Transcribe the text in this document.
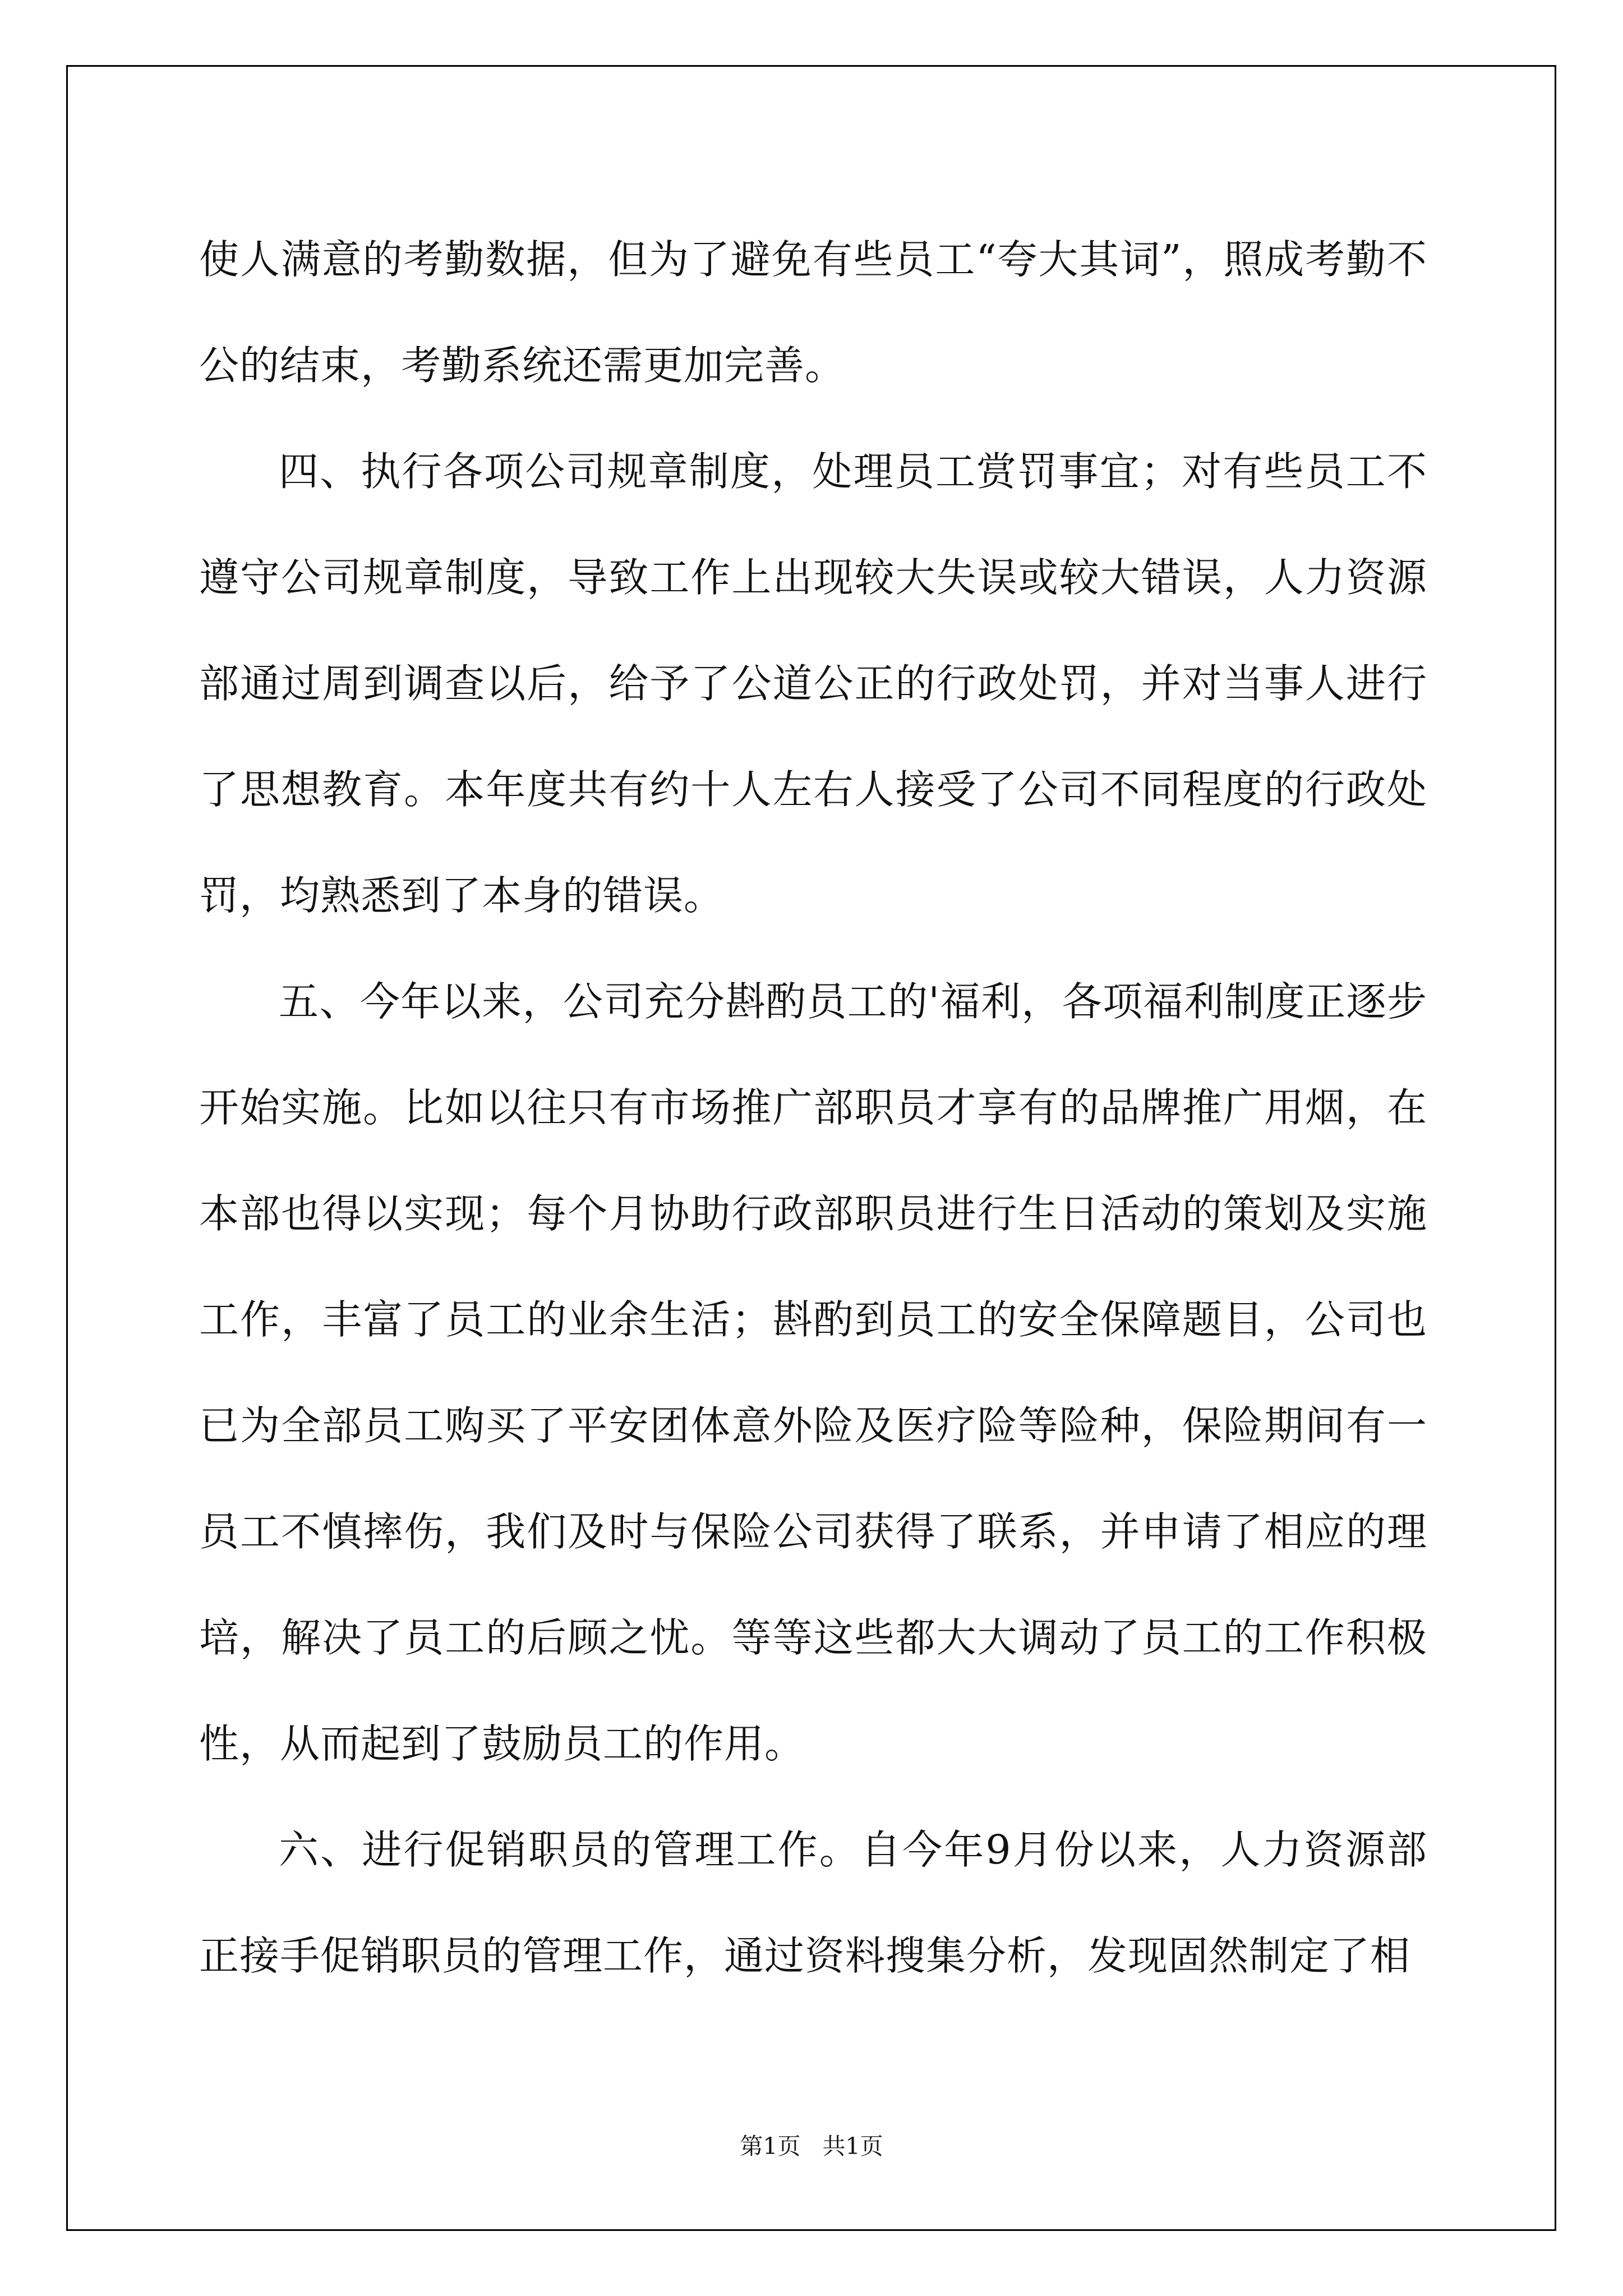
使人满意的考勤数据，但为了避免有些员工“夸大其词”，照成考勤不公的结束，考勤系统还需更加完善。

四、执行各项公司规章制度，处理员工赏罚事宜；对有些员工不遵守公司规章制度，导致工作上出现较大失误或较大错误，人力资源部通过周到调查以后，给予了公道公正的行政处罚，并对当事人进行了思想教育。本年度共有约十人左右人接受了公司不同程度的行政处罚，均熟悉到了本身的错误。

五、今年以来，公司充分斟酌员工的'福利，各项福利制度正逐步开始实施。比如以往只有市场推广部职员才享有的品牌推广用烟，在本部也得以实现；每个月协助行政部职员进行生日活动的策划及实施工作，丰富了员工的业余生活；斟酌到员工的安全保障题目，公司也已为全部员工购买了平安团体意外险及医疗险等险种，保险期间有一员工不慎摔伤，我们及时与保险公司获得了联系，并申请了相应的理培，解决了员工的后顾之忧。等等这些都大大调动了员工的工作积极性，从而起到了鼓励员工的作用。

六、进行促销职员的管理工作。自今年9月份以来，人力资源部正接手促销职员的管理工作，通过资料搜集分析，发现固然制定了相

第1页   共1页
